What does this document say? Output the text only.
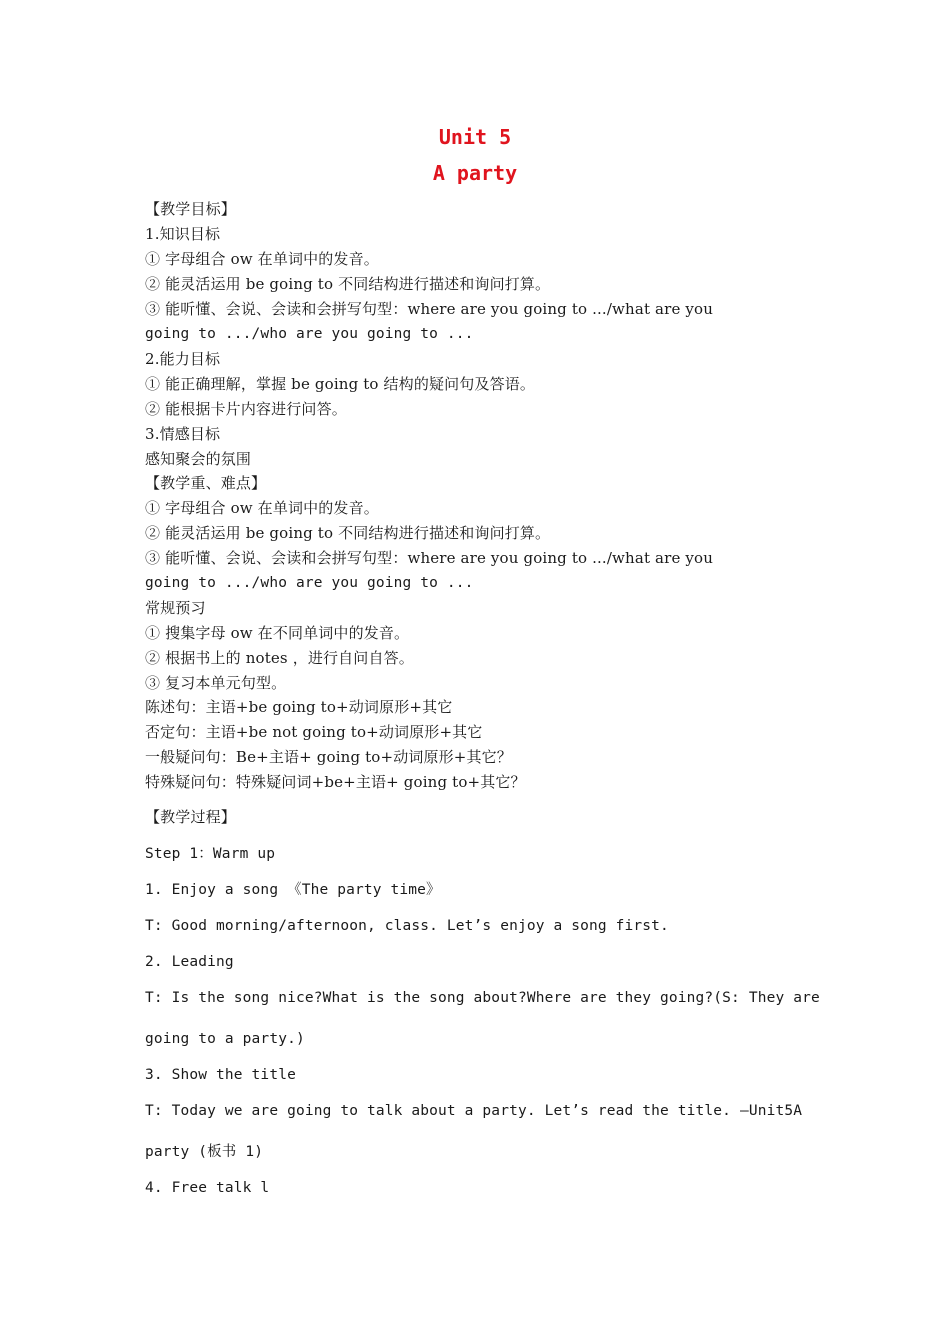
Unit 5
A party
【教学目标】
1.知识目标
① 字母组合 ow 在单词中的发音。
② 能灵活运用 be going to 不同结构进行描述和询问打算。
③ 能听懂、会说、会读和会拼写句型：where are you going to .../what are you
going to .../who are you going to ...
2.能力目标
① 能正确理解，掌握 be going to 结构的疑问句及答语。
② 能根据卡片内容进行问答。
3.情感目标
感知聚会的氛围
【教学重、难点】
① 字母组合 ow 在单词中的发音。
② 能灵活运用 be going to 不同结构进行描述和询问打算。
③ 能听懂、会说、会读和会拼写句型：where are you going to .../what are you
going to .../who are you going to ...
常规预习
① 搜集字母 ow 在不同单词中的发音。
② 根据书上的 notes ，进行自问自答。
③ 复习本单元句型。
陈述句：主语+be going to+动词原形+其它
否定句：主语+be not going to+动词原形+其它
一般疑问句：Be+主语+ going to+动词原形+其它？
特殊疑问句：特殊疑问词+be+主语+ going to+其它？
【教学过程】
Step 1：Warm up
1. Enjoy a song 《The party time》
T: Good morning/afternoon, class. Let’s enjoy a song first.
2. Leading
T: Is the song nice?What is the song about?Where are they going?(S: They are
going to a party.)
3. Show the title
T: Today we are going to talk about a party. Let’s read the title. —Unit5A
party (板书 1)
4. Free talk l
